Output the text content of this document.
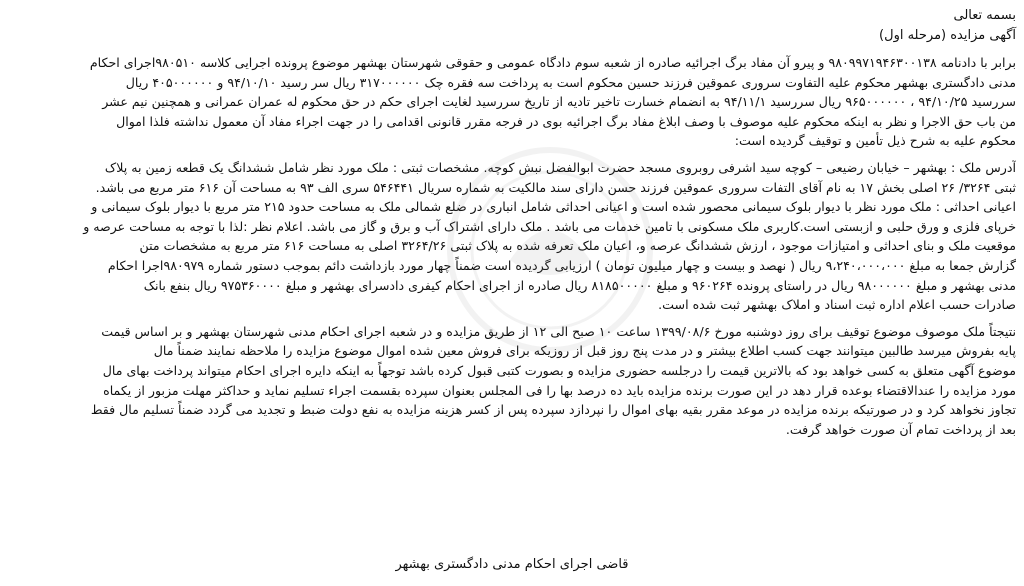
بسمه تعالی
آگهی مزایده (مرحله اول)
برابر با دادنامه ۹۸۰۹۹۷۱۹۴۶۳۰۰۱۳۸ و پیرو آن مفاد برگ اجرائیه صادره از شعبه سوم دادگاه عمومی و حقوقی شهرستان بهشهر موضوع پرونده اجرایی کلاسه ۹۸۰۵۱۰اجرای احکام
مدنی دادگستری بهشهر محکوم علیه التفاوت سروری عموقین فرزند حسین محکوم است به پرداخت سه فقره چک ۳۱۷۰۰۰۰۰۰ ریال سر رسید ۹۴/۱۰/۱۰ و ۴۰۵۰۰۰۰۰۰ ریال
سررسید ۹۴/۱۰/۲۵ ، ۹۶۵۰۰۰۰۰۰ ریال سررسید ۹۴/۱۱/۱ به انضمام خسارت تاخیر تادیه از تاریخ سررسید لغایت اجرای حکم در حق محکوم له عمران عمرانی و همچنین نیم عشر
من باب حق الاجرا و نظر به اینکه محکوم علیه موصوف با وصف ابلاغ مفاد برگ اجرائیه بوی در فرجه مقرر قانونی اقدامی را در جهت اجراء مفاد آن معمول نداشته فلذا اموال
محکوم علیه به شرح ذیل تأمین و توقیف گردیده است:
آدرس ملک : بهشهر – خیابان رضیعی – کوچه سید اشرفی روبروی مسجد حضرت ابوالفضل نبش کوچه. مشخصات ثبتی : ملک مورد نظر شامل ششدانگ یک قطعه زمین به پلاک
ثبتی ۳۲۶۴/ ۲۶ اصلی بخش ۱۷ به نام آقای التفات سروری عموقین فرزند حسن دارای سند مالکیت به شماره سریال ۵۴۶۴۴۱ سری الف ۹۳ به مساحت آن ۶۱۶ متر مربع می باشد.
اعیانی احداثی : ملک مورد نظر با دیوار بلوک سیمانی محصور شده است و اعیانی احداثی شامل انباری در ضلع شمالی ملک به مساحت حدود ۲۱۵ متر مربع با دیوار بلوک سیمانی و
خرپای فلزی و ورق حلبی و ازبستی است.کاربری ملک مسکونی با تامین خدمات می باشد . ملک دارای اشتراک آب و برق و گاز می باشد. اعلام نظر :لذا با توجه به مساحت عرصه و
موقعیت ملک و بنای احداثی و امتیازات موجود ، ارزش ششدانگ عرصه و، اعیان ملک تعرفه شده به پلاک ثبتی ۳۲۶۴/۲۶ اصلی به مساحت ۶۱۶ متر مربع به مشخصات متن
گزارش جمعا به مبلغ ۹،۲۴۰،۰۰۰،۰۰۰ ریال ( نهصد و بیست و چهار میلیون تومان ) ارزیابی گردیده است ضمناً چهار مورد بازداشت دائم بموجب دستور شماره ۹۸۰۹۷۹اجرا احکام
مدنی بهشهر و مبلغ ۹۸۰۰۰۰۰۰ ریال در راستای پرونده ۹۶۰۲۶۴ و مبلغ ۸۱۸۵۰۰۰۰۰ ریال صادره از اجرای احکام کیفری دادسرای بهشهر و مبلغ ۹۷۵۳۶۰۰۰۰ ریال بنفع بانک
صادرات حسب اعلام اداره ثبت اسناد و املاک بهشهر ثبت شده است.
نتیجتاً ملک موصوف موضوع توقیف برای روز دوشنبه مورخ ۱۳۹۹/۰۸/۶ ساعت ۱۰ صبح الی ۱۲ از طریق مزایده و در شعبه اجرای احکام مدنی شهرستان بهشهر و بر اساس قیمت
پایه بفروش میرسد طالبین میتوانند جهت کسب اطلاع بیشتر و در مدت پنج روز قبل از روزیکه برای فروش معین شده اموال موضوع مزایده را ملاحظه نمایند ضمناً مال
موضوع آگهی متعلق به کسی خواهد بود که بالاترین قیمت را درجلسه حضوری مزایده و بصورت کتبی قبول کرده باشد توجهاً به اینکه دایره اجرای احکام میتواند پرداخت بهای مال
مورد مزایده را عندالاقتضاء بوعده قرار دهد در این صورت برنده مزایده باید ده درصد بها را فی المجلس بعنوان سپرده بقسمت اجراء تسلیم نماید و حداکثر مهلت مزبور از یکماه
تجاوز نخواهد کرد و در صورتیکه برنده مزایده در موعد مقرر بقیه بهای اموال را نپردازد سپرده پس از کسر هزینه مزایده به نفع دولت ضبط و تجدید می گردد ضمناً تسلیم مال فقط
بعد از پرداخت تمام آن صورت خواهد گرفت.
قاضی اجرای احکام مدنی دادگستری بهشهر
